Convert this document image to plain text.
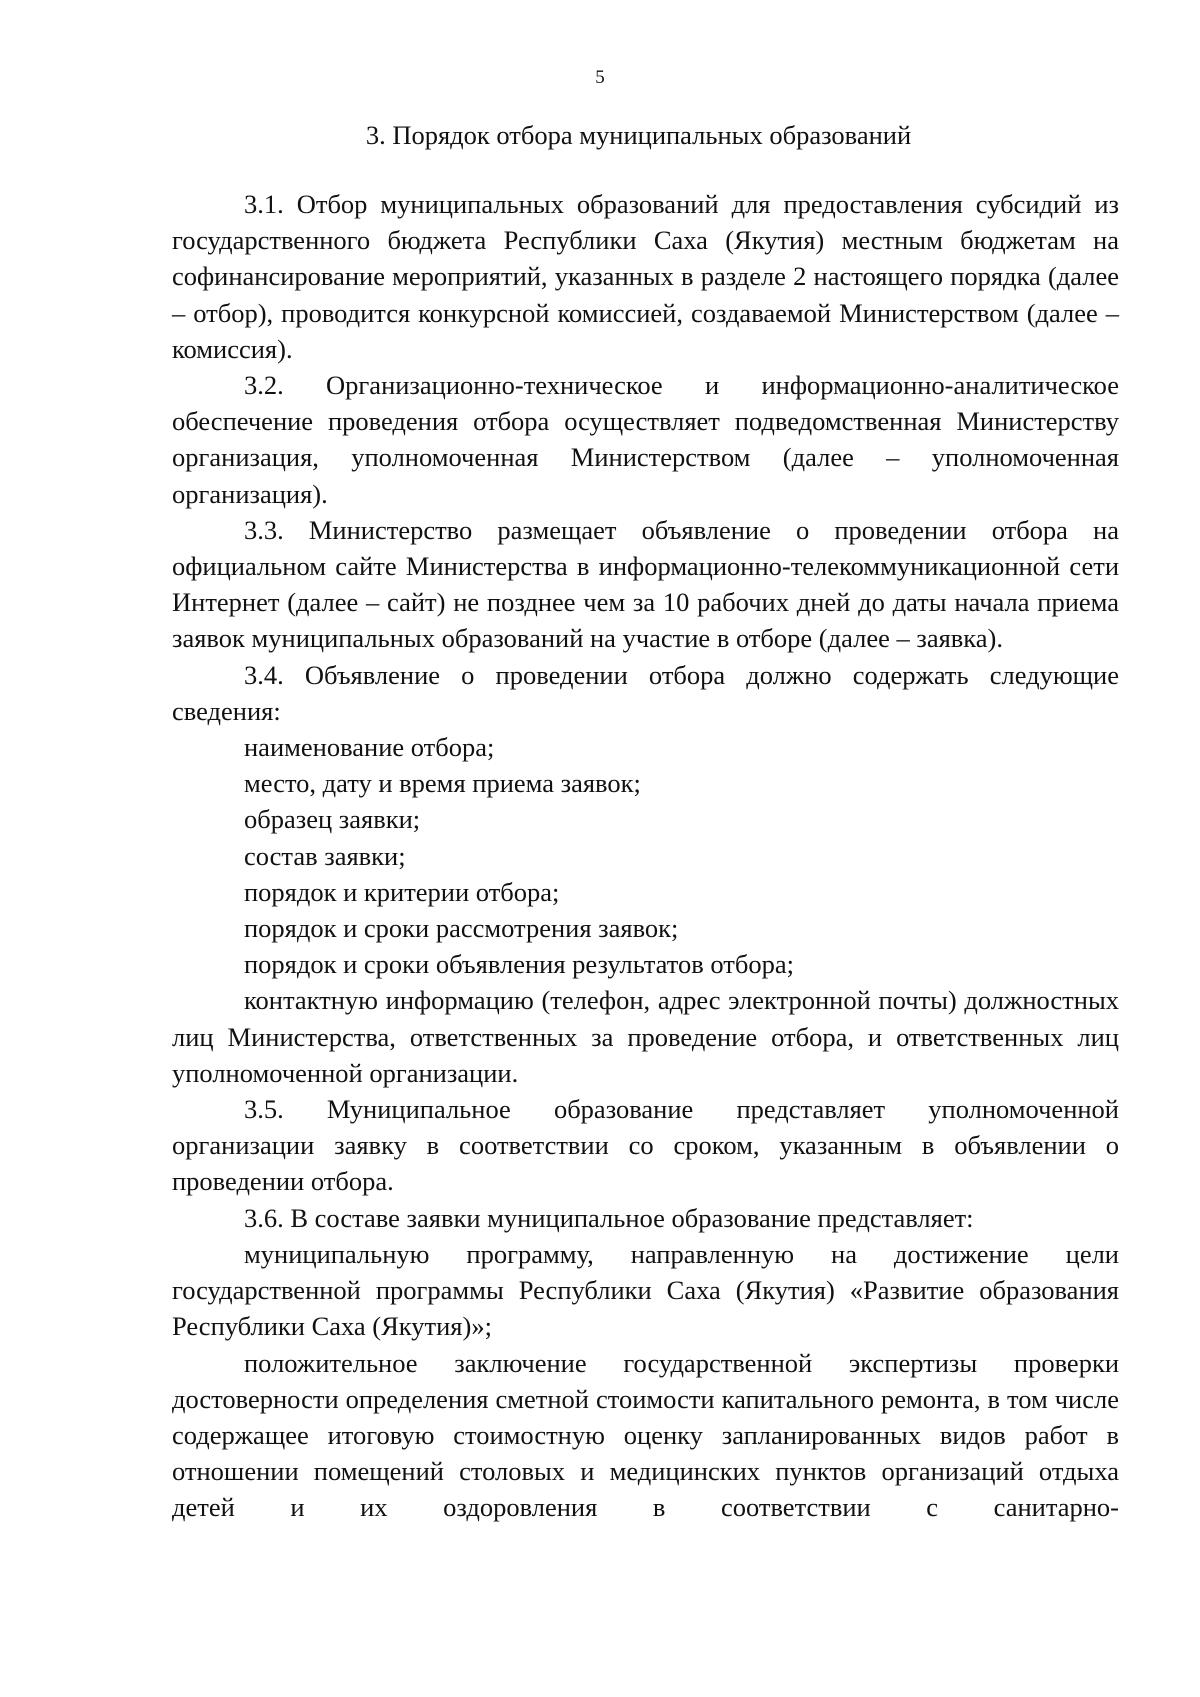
5
3. Порядок отбора муниципальных образований

3.1. Отбор муниципальных образований для предоставления субсидий из государственного бюджета Республики Саха (Якутия) местным бюджетам на софинансирование мероприятий, указанных в разделе 2 настоящего порядка (далее – отбор), проводится конкурсной комиссией, создаваемой Министерством (далее – комиссия).

3.2. Организационно-техническое и информационно-аналитическое обеспечение проведения отбора осуществляет подведомственная Министерству организация, уполномоченная Министерством (далее – уполномоченная организация).

3.3. Министерство размещает объявление о проведении отбора на официальном сайте Министерства в информационно-телекоммуникационной сети Интернет (далее – сайт) не позднее чем за 10 рабочих дней до даты начала приема заявок муниципальных образований на участие в отборе (далее – заявка).

3.4. Объявление о проведении отбора должно содержать следующие сведения:

наименование отбора;

место, дату и время приема заявок;

образец заявки;

состав заявки;

порядок и критерии отбора;

порядок и сроки рассмотрения заявок;

порядок и сроки объявления результатов отбора;

контактную информацию (телефон, адрес электронной почты) должностных лиц Министерства, ответственных за проведение отбора, и ответственных лиц уполномоченной организации.

3.5. Муниципальное образование представляет уполномоченной организации заявку в соответствии со сроком, указанным в объявлении о проведении отбора.

3.6. В составе заявки муниципальное образование представляет:

муниципальную программу, направленную на достижение цели государственной программы Республики Саха (Якутия) «Развитие образования Республики Саха (Якутия)»;

положительное заключение государственной экспертизы проверки достоверности определения сметной стоимости капитального ремонта, в том числе содержащее итоговую стоимостную оценку запланированных видов работ в отношении помещений столовых и медицинских пунктов организаций отдыха детей и их оздоровления в соответствии с санитарно-
